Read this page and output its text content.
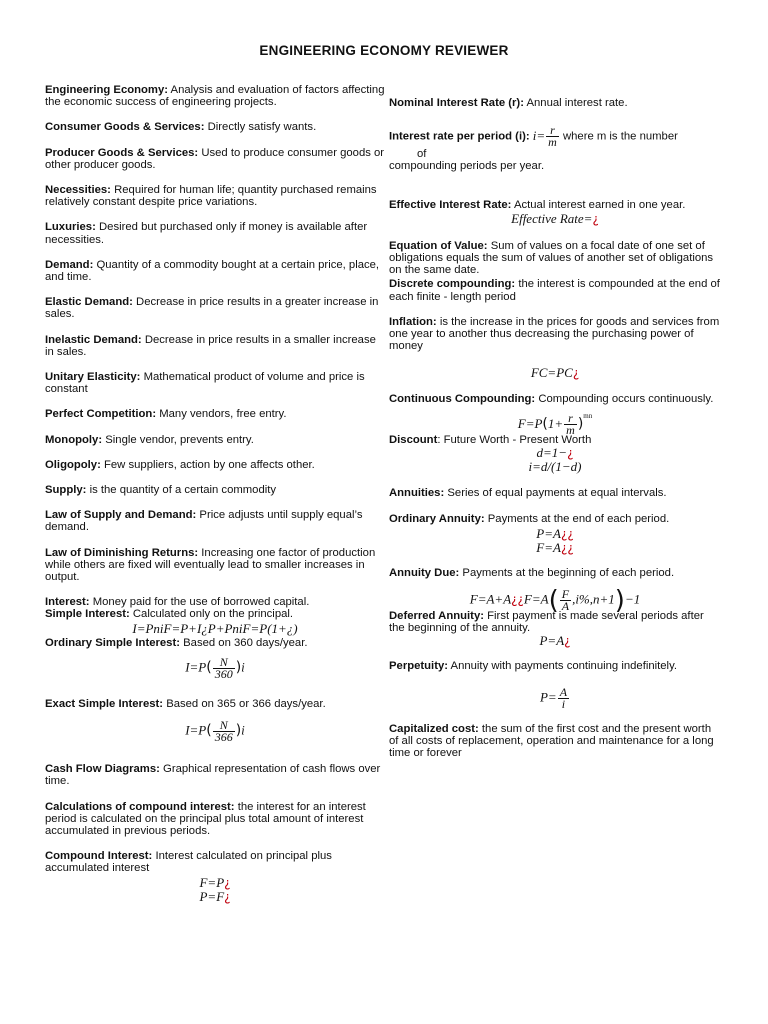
ENGINEERING ECONOMY REVIEWER

Engineering Economy: Analysis and evaluation of factors affecting the economic success of engineering projects.

Consumer Goods & Services: Directly satisfy wants.

Producer Goods & Services: Used to produce consumer goods or other producer goods.

Necessities: Required for human life; quantity purchased remains relatively constant despite price variations.

Luxuries: Desired but purchased only if money is available after necessities.

Demand: Quantity of a commodity bought at a certain price, place, and time.

Elastic Demand: Decrease in price results in a greater increase in sales.

Inelastic Demand: Decrease in price results in a smaller increase in sales.

Unitary Elasticity: Mathematical product of volume and price is constant

Perfect Competition: Many vendors, free entry.

Monopoly: Single vendor, prevents entry.

Oligopoly: Few suppliers, action by one affects other.

Supply: is the quantity of a certain commodity

Law of Supply and Demand: Price adjusts until supply equal’s demand.

Law of Diminishing Returns: Increasing one factor of production while others are fixed will eventually lead to smaller increases in output.

Interest: Money paid for the use of borrowed capital.

Simple Interest: Calculated only on the principal.

I=PniF=P+I¿P+PniF=P(1+¿)

Ordinary Simple Interest: Based on 360 days/year.

$I=P( \frac{N}{360} )i$

Exact Simple Interest: Based on 365 or 366 days/year.

$I=P( \frac{N}{366} )i$

Cash Flow Diagrams: Graphical representation of cash flows over time.

Calculations of compound interest: the interest for an interest period is calculated on the principal plus total amount of interest accumulated in previous periods.

Compound Interest: Interest calculated on principal plus accumulated interest

F=P¿
P=F¿

Nominal Interest Rate (r): Annual interest rate.

Interest rate per period (i): $i= \frac{r}{m}$ where m is the number

of

compounding periods per year.

Effective Interest Rate: Actual interest earned in one year.

Effective Rate=¿

Equation of Value: Sum of values on a focal date of one set of obligations equals the sum of values of another set of obligations on the same date.

Discrete compounding: the interest is compounded at the end of each finite - length period

Inflation: is the increase in the prices for goods and services from one year to another thus decreasing the purchasing power of money

FC=PC¿

Continuous Compounding: Compounding occurs continuously.

$F=P(1+ \frac{r}{m} )^{mn}$

Discount: Future Worth - Present Worth

d=1−¿
i=d/(1−d)

Annuities: Series of equal payments at equal intervals.

Ordinary Annuity: Payments at the end of each period.

P=A¿¿
F=A¿¿

Annuity Due: Payments at the beginning of each period.

F=A+A¿¿F=A( $\frac{F}{A} ,i\%,n+1)-1$

Deferred Annuity: First payment is made several periods after the beginning of the annuity.

P=A¿

Perpetuity: Annuity with payments continuing indefinitely.

$P= \frac{A}{i}$

Capitalized cost: the sum of the first cost and the present worth of all costs of replacement, operation and maintenance for a long time or forever
